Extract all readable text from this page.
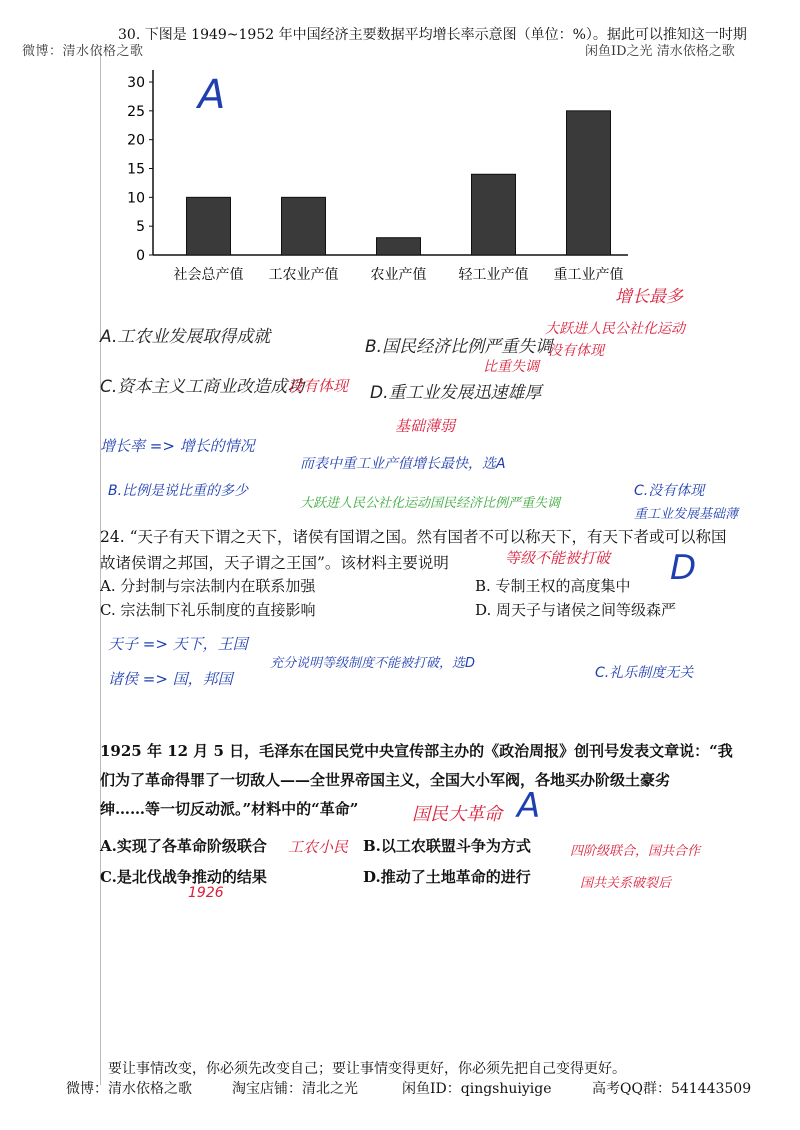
微博：清水依格之歌
30. 下图是 1949~1952 年中国经济主要数据平均增长率示意图（单位：%）。据此可以推知这一时期
闲鱼ID之光 清水依格之歌
0
5
10
15
20
25
30
社会总产值 工农业产值 农业产值 轻工业产值 重工业产值
A
增长最多
A.工农业发展取得成就	B.国民经济比例严重失调
大跃进人民公社化运动
没有体现
比重失调
C.资本主义工商业改造成功
没有体现 D.重工业发展迅速雄厚
基础薄弱
增长率 => 增长的情况
而表中重工业产值增长最快，选A
B.比例是说比重的多少
大跃进人民公社化运动国民经济比例严重失调
C.没有体现
重工业发展基础薄
24. “天子有天下谓之天下，诸侯有国谓之国。然有国者不可以称天下，有天下者或可以称国
故诸侯谓之邦国，天子谓之王国”。该材料主要说明	等级不能被打破 D
A. 分封制与宗法制内在联系加强	B. 专制王权的高度集中
C. 宗法制下礼乐制度的直接影响	D. 周天子与诸侯之间等级森严
天子 => 天下，王国
诸侯 => 国，邦国
充分说明等级制度不能被打破，选D
C.礼乐制度无关
1925 年 12 月 5 日，毛泽东在国民党中央宣传部主办的《政治周报》创刊号发表文章说：“我
们为了革命得罪了一切敌人——全世界帝国主义，全国大小军阀，各地买办阶级土豪劣
绅……等一切反动派。”材料中的“革命”	国民大革命 A
A.实现了各革命阶级联合 工农小民 B.以工农联盟斗争为方式	四阶级联合，国共合作
C.是北伐战争推动的结果
1926
D.推动了土地革命的进行	国共关系破裂后
要让事情改变，你必须先改变自己；要让事情变得更好，你必须先把自己变得更好。
微博：清水依格之歌	淘宝店铺：清北之光	闲鱼ID：qingshuiyige	高考QQ群：541443509
